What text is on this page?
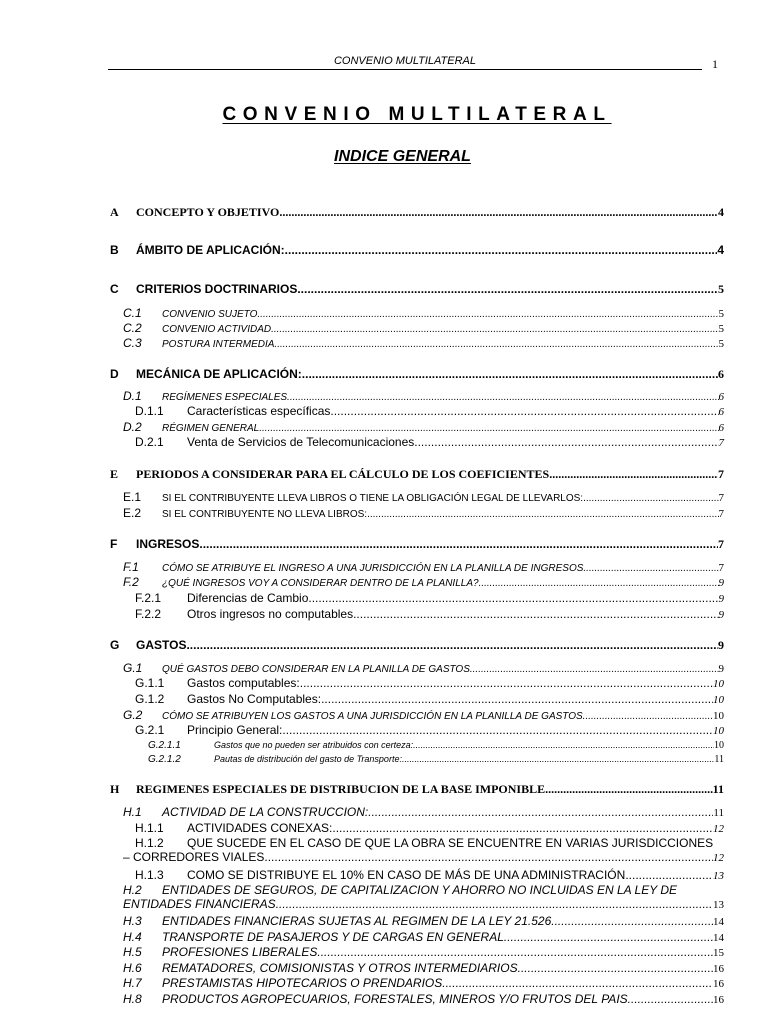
CONVENIO MULTILATERAL	1
CONVENIO MULTILATERAL
INDICE GENERAL
A	CONCEPTO Y OBJETIVO .....	4
B	ÁMBITO DE APLICACIÓN: .....	4
C	CRITERIOS DOCTRINARIOS .....	5
C.1	CONVENIO SUJETO .....	5
C.2	CONVENIO ACTIVIDAD .....	5
C.3	POSTURA INTERMEDIA .....	5
D	MECÁNICA DE APLICACIÓN: .....	6
D.1	REGÍMENES ESPECIALES .....	6
D.1.1	Características específicas .....	6
D.2	RÉGIMEN GENERAL .....	6
D.2.1	Venta de Servicios de Telecomunicaciones .....	7
E	PERIODOS A CONSIDERAR PARA EL CÁLCULO DE LOS COEFICIENTES .....	7
E.1	SI EL CONTRIBUYENTE LLEVA LIBROS O TIENE LA OBLIGACIÓN LEGAL DE LLEVARLOS: .....	7
E.2	SI EL CONTRIBUYENTE NO LLEVA LIBROS: .....	7
F	INGRESOS .....	7
F.1	CÓMO SE ATRIBUYE EL INGRESO A UNA JURISDICCIÓN EN LA PLANILLA DE INGRESOS .....	7
F.2	¿QUÉ INGRESOS VOY A CONSIDERAR DENTRO DE LA PLANILLA? .....	9
F.2.1	Diferencias de Cambio .....	9
F.2.2	Otros ingresos no computables .....	9
G	GASTOS .....	9
G.1	QUÉ GASTOS DEBO CONSIDERAR EN LA PLANILLA DE GASTOS. .....	9
G.1.1	Gastos computables: .....	10
G.1.2	Gastos No Computables: .....	10
G.2	CÓMO SE ATRIBUYEN LOS GASTOS A UNA JURISDICCIÓN EN LA PLANILLA DE GASTOS. .....	10
G.2.1	Principio General: .....	10
G.2.1.1	Gastos que no pueden ser atribuidos con certeza: .....	10
G.2.1.2	Pautas de distribución del gasto de Transporte: .....	11
H	REGIMENES ESPECIALES DE DISTRIBUCION DE LA BASE IMPONIBLE .....	11
H.1	ACTIVIDAD DE LA CONSTRUCCION: .....	11
H.1.1	ACTIVIDADES CONEXAS: .....	12
H.1.2	QUE SUCEDE EN EL CASO DE QUE LA OBRA SE ENCUENTRE EN VARIAS JURISDICCIONES
– CORREDORES VIALES .....	12
H.1.3	COMO SE DISTRIBUYE EL 10% EN CASO DE MÁS DE UNA ADMINISTRACIÓN .....	13
H.2	ENTIDADES DE SEGUROS, DE CAPITALIZACION Y AHORRO NO INCLUIDAS EN LA LEY DE
ENTIDADES FINANCIERAS .....	13
H.3	ENTIDADES FINANCIERAS SUJETAS AL REGIMEN DE LA LEY 21.526 .....	14
H.4	TRANSPORTE DE PASAJEROS Y DE CARGAS EN GENERAL. .....	14
H.5	PROFESIONES LIBERALES .....	15
H.6	REMATADORES, COMISIONISTAS Y OTROS INTERMEDIARIOS. .....	16
H.7	PRESTAMISTAS HIPOTECARIOS O PRENDARIOS .....	16
H.8	PRODUCTOS AGROPECUARIOS, FORESTALES, MINEROS Y/O FRUTOS DEL PAIS. .....	16
